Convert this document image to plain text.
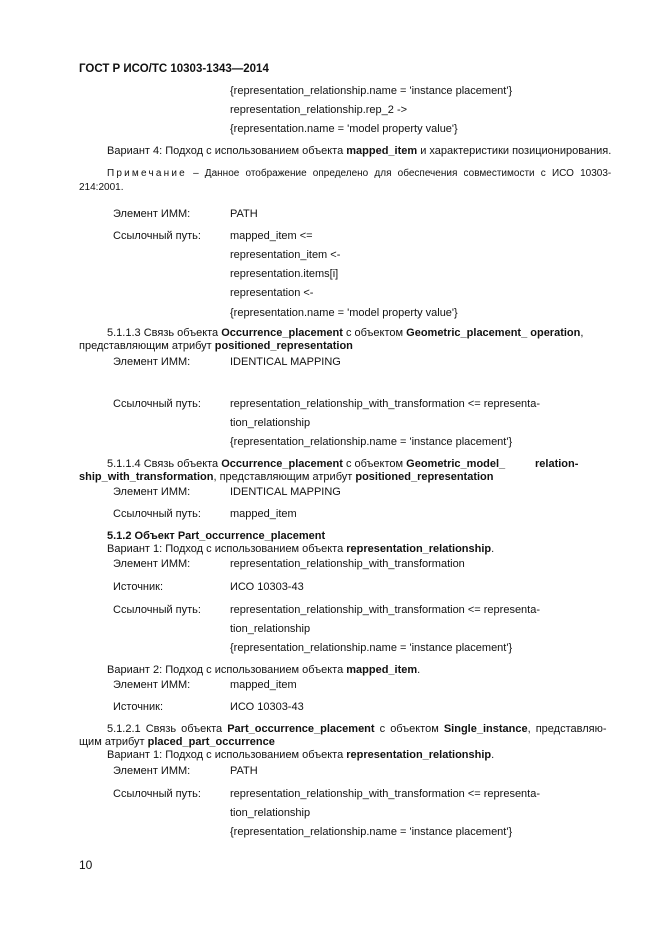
ГОСТ Р ИСО/ТС 10303-1343—2014
{representation_relationship.name = 'instance placement'}
representation_relationship.rep_2 ->
{representation.name = 'model property value'}
Вариант 4: Подход с использованием объекта mapped_item и характеристики позиционирования.
Примечание – Данное отображение определено для обеспечения совместимости с ИСО 10303-
214:2001.
Элемент ИММ:	PATH
Ссылочный путь:	mapped_item <=
representation_item <-
representation.items[i]
representation <-
{representation.name = 'model property value'}
5.1.1.3 Связь объекта Occurrence_placement с объектом Geometric_placement_ operation,
представляющим атрибут positioned_representation
Элемент ИММ:	IDENTICAL MAPPING
Ссылочный путь:	representation_relationship_with_transformation <= representa-
tion_relationship
{representation_relationship.name = 'instance placement'}
5.1.1.4 Связь объекта Occurrence_placement с объектом Geometric_model_	relation-
ship_with_transformation, представляющим атрибут positioned_representation
Элемент ИММ:	IDENTICAL MAPPING
Ссылочный путь:	mapped_item
5.1.2 Объект Part_occurrence_placement
Вариант 1: Подход с использованием объекта representation_relationship.
Элемент ИММ:	representation_relationship_with_transformation
Источник:	ИСО 10303-43
Ссылочный путь:	representation_relationship_with_transformation <= representa-
tion_relationship
{representation_relationship.name = 'instance placement'}
Вариант 2: Подход с использованием объекта mapped_item.
Элемент ИММ:	mapped_item
Источник:	ИСО 10303-43
5.1.2.1 Связь объекта Part_occurrence_placement с объектом Single_instance, представляю-
щим атрибут placed_part_occurrence
Вариант 1: Подход с использованием объекта representation_relationship.
Элемент ИММ:	PATH
Ссылочный путь:	representation_relationship_with_transformation <= representa-
tion_relationship
{representation_relationship.name = 'instance placement'}
10
